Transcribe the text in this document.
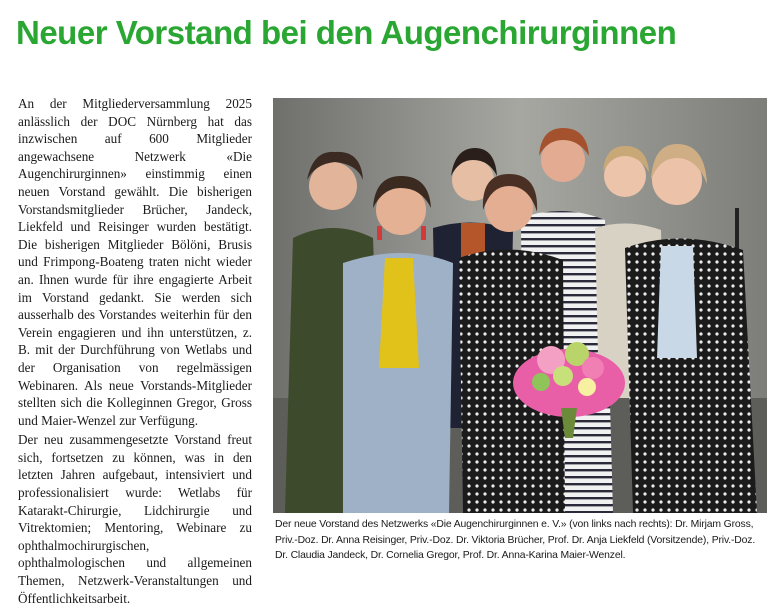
Neuer Vorstand bei den Augenchirurginnen

An der Mitgliederversammlung 2025 anlässlich der DOC Nürnberg hat das inzwischen auf 600 Mitglieder angewachsene Netzwerk «Die Augenchirurginnen» einstimmig einen neuen Vorstand gewählt. Die bisherigen Vorstandsmitglieder Brücher, Jandeck, Liekfeld und Reisinger wurden bestätigt. Die bisherigen Mitglieder Bölöni, Brusis und Frimpong-Boateng traten nicht wieder an. Ihnen wurde für ihre engagierte Arbeit im Vorstand gedankt. Sie werden sich ausserhalb des Vorstandes weiterhin für den Verein engagieren und ihn unterstützen, z. B. mit der Durchführung von Wetlabs und der Organisation von regelmässigen Webinaren. Als neue Vorstands-Mitglieder stellten sich die Kolleginnen Gregor, Gross und Maier-Wenzel zur Verfügung.

Der neu zusammengesetzte Vorstand freut sich, fortsetzen zu können, was in den letzten Jahren aufgebaut, intensiviert und professionalisiert wurde: Wetlabs für Katarakt-Chirurgie, Lidchirurgie und Vitrektomien; Mentoring, Webinare zu ophthalmochirurgischen, ophthalmologischen und allgemeinen Themen, Netzwerk-Veranstaltungen und Öffentlichkeitsarbeit.

Der neue Vorstand des Netzwerks «Die Augenchirurginnen e. V.» (von links nach rechts): Dr. Mirjam Gross, Priv.-Doz. Dr. Anna Reisinger, Priv.-Doz. Dr. Viktoria Brücher, Prof. Dr. Anja Liekfeld (Vorsitzende), Priv.-Doz. Dr. Claudia Jandeck, Dr. Cornelia Gregor, Prof. Dr. Anna-Karina Maier-Wenzel.
